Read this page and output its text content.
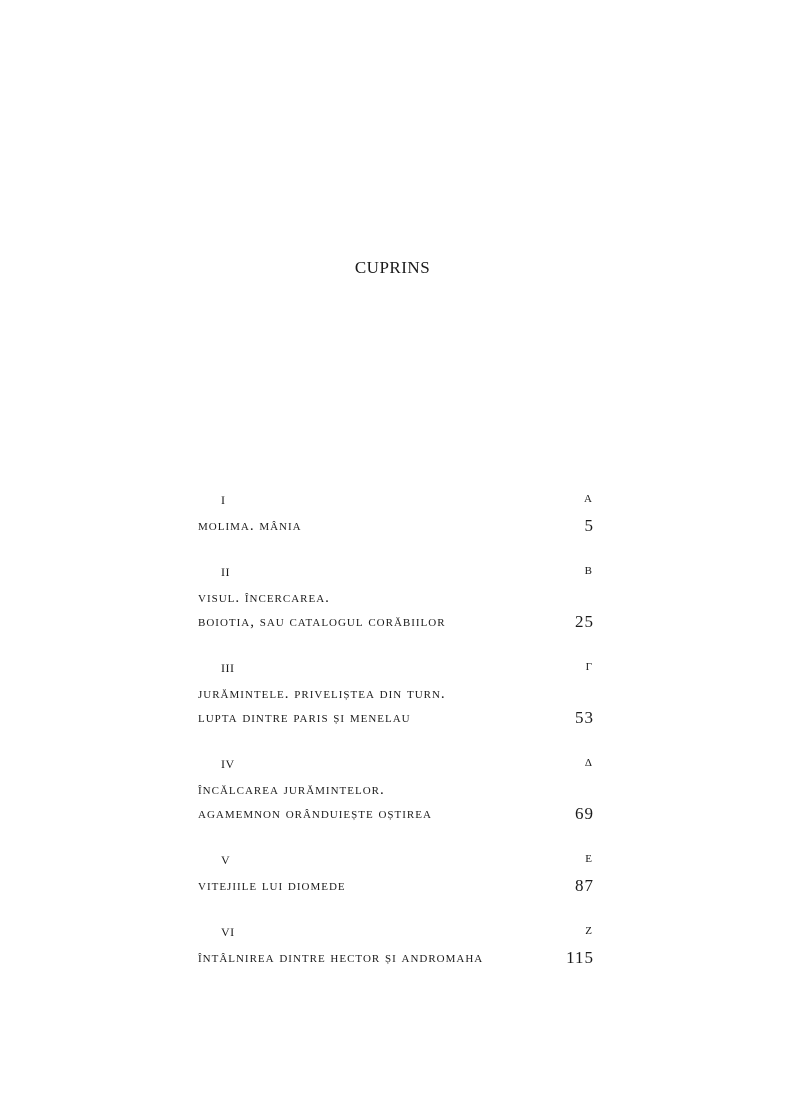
CUPRINS
I	A
molima. mânia	5
II	B
visul. încercarea.
boiotia, sau catalogul corăbiilor	25
III	Γ
jurămintele. priveliștea din turn.
lupta dintre paris și menelau	53
IV	Δ
încălcarea jurămintelor.
agamemnon orânduiește oștirea	69
V	E
vitejiile lui diomede	87
VI	Z
întâlnirea dintre hector și andromaha	115
